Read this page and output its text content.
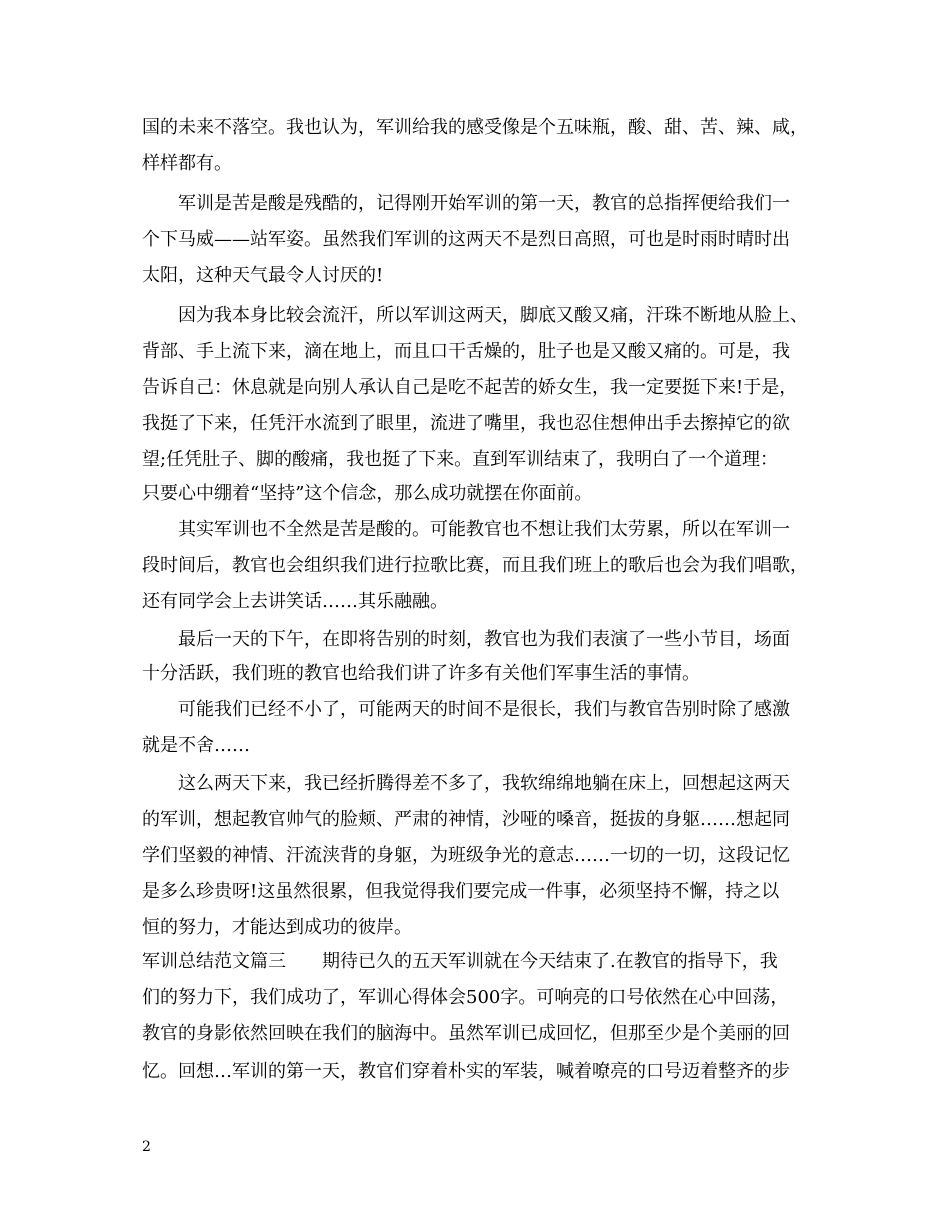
国的未来不落空。我也认为，军训给我的感受像是个五味瓶，酸、甜、苦、辣、咸，
样样都有。
军训是苦是酸是残酷的，记得刚开始军训的第一天，教官的总指挥便给我们一
个下马威——站军姿。虽然我们军训的这两天不是烈日高照，可也是时雨时晴时出
太阳，这种天气最令人讨厌的!
因为我本身比较会流汗，所以军训这两天，脚底又酸又痛，汗珠不断地从脸上、
背部、手上流下来，滴在地上，而且口干舌燥的，肚子也是又酸又痛的。可是，我
告诉自己：休息就是向别人承认自己是吃不起苦的娇女生，我一定要挺下来!于是，
我挺了下来，任凭汗水流到了眼里，流进了嘴里，我也忍住想伸出手去擦掉它的欲
望;任凭肚子、脚的酸痛，我也挺了下来。直到军训结束了，我明白了一个道理：
只要心中绷着“坚持”这个信念，那么成功就摆在你面前。
其实军训也不全然是苦是酸的。可能教官也不想让我们太劳累，所以在军训一
段时间后，教官也会组织我们进行拉歌比赛，而且我们班上的歌后也会为我们唱歌，
还有同学会上去讲笑话……其乐融融。
最后一天的下午，在即将告别的时刻，教官也为我们表演了一些小节目，场面
十分活跃，我们班的教官也给我们讲了许多有关他们军事生活的事情。
可能我们已经不小了，可能两天的时间不是很长，我们与教官告别时除了感激
就是不舍……
这么两天下来，我已经折腾得差不多了，我软绵绵地躺在床上，回想起这两天
的军训，想起教官帅气的脸颊、严肃的神情，沙哑的嗓音，挺拔的身躯……想起同
学们坚毅的神情、汗流浃背的身躯，为班级争光的意志……一切的一切，这段记忆
是多么珍贵呀!这虽然很累，但我觉得我们要完成一件事，必须坚持不懈，持之以
恒的努力，才能达到成功的彼岸。
军训总结范文篇三　　期待已久的五天军训就在今天结束了.在教官的指导下，我
们的努力下，我们成功了，军训心得体会500字。可响亮的口号依然在心中回荡，
教官的身影依然回映在我们的脑海中。虽然军训已成回忆，但那至少是个美丽的回
忆。回想…军训的第一天，教官们穿着朴实的军装，喊着嘹亮的口号迈着整齐的步
2
